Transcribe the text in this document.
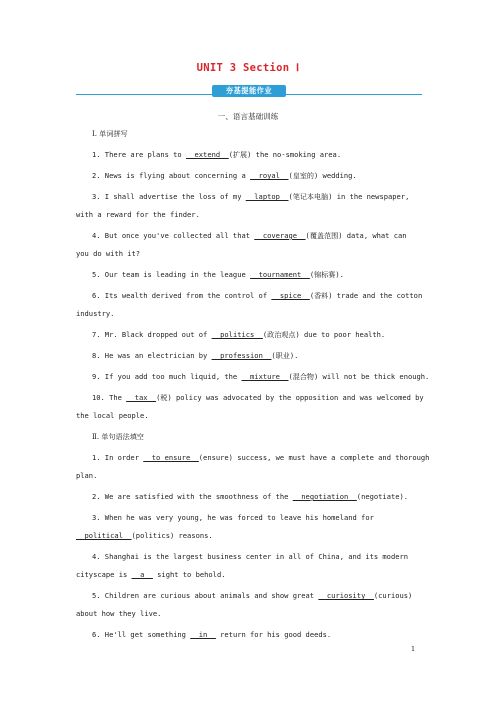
UNIT 3 Section Ⅰ
夯基提能作业
一、语言基础训练
Ⅰ. 单词拼写
1. There are plans to __extend__(扩展) the no-smoking area.
2. News is flying about concerning a __royal__(皇室的) wedding.
3. I shall advertise the loss of my __laptop__(笔记本电脑) in the newspaper,
with a reward for the finder.
4. But once you've collected all that __coverage__(覆盖范围) data, what can
you do with it?
5. Our team is leading in the league __tournament__(锦标赛).
6. Its wealth derived from the control of __spice__(香料) trade and the cotton
industry.
7. Mr. Black dropped out of __politics__(政治观点) due to poor health.
8. He was an electrician by __profession__(职业).
9. If you add too much liquid, the __mixture__(混合物) will not be thick enough.
10. The __tax__(税) policy was advocated by the opposition and was welcomed by
the local people.
Ⅱ. 单句语法填空
1. In order __to ensure__(ensure) success, we must have a complete and thorough
plan.
2. We are satisfied with the smoothness of the __negotiation__(negotiate).
3. When he was very young, he was forced to leave his homeland for
__political__(politics) reasons.
4. Shanghai is the largest business center in all of China, and its modern
cityscape is __a__ sight to behold.
5. Children are curious about animals and show great __curiosity__(curious)
about how they live.
6. He'll get something __in__ return for his good deeds.
1
